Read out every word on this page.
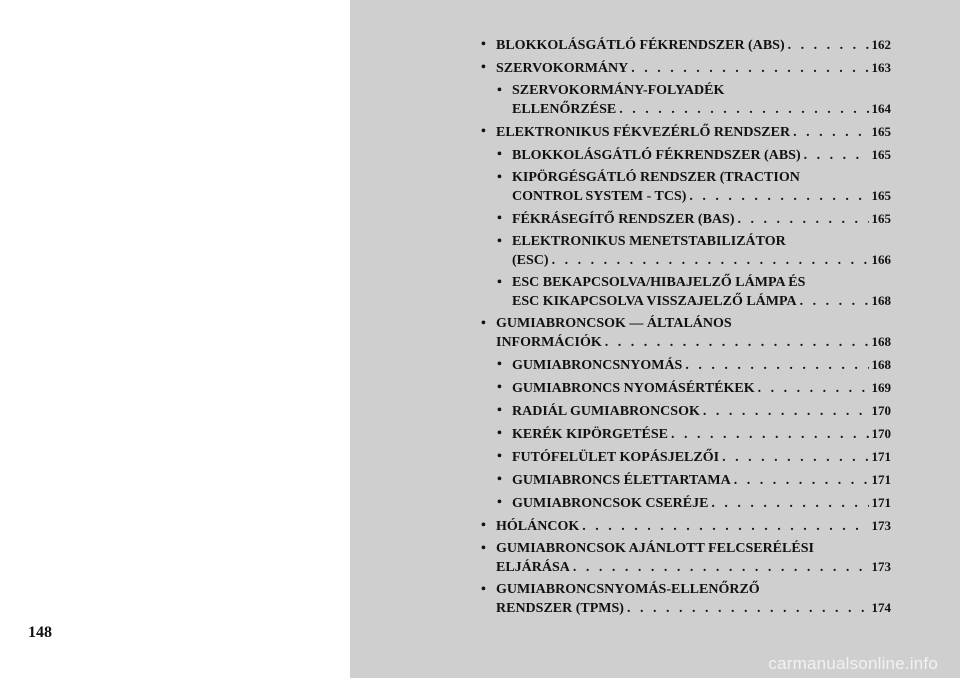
148
• BLOKKOLÁSGÁTLÓ FÉKRENDSZER (ABS) . . .	162
• SZERVOKORMÁNY . . .	163
• SZERVOKORMÁNY-FOLYADÉK
ELLENŐRZÉSE . . .	164
• ELEKTRONIKUS FÉKVEZÉRLŐ RENDSZER . . .	165
• BLOKKOLÁSGÁTLÓ FÉKRENDSZER (ABS) . . .	165
• KIPÖRGÉSGÁTLÓ RENDSZER (TRACTION
CONTROL SYSTEM - TCS) . . .	165
• FÉKRÁSEGÍTŐ RENDSZER (BAS) . . .	165
• ELEKTRONIKUS MENETSTABILIZÁTOR
(ESC) . . .	166
• ESC BEKAPCSOLVA/HIBAJELZŐ LÁMPA ÉS
ESC KIKAPCSOLVA VISSZAJELZŐ LÁMPA . . .	168
• GUMIABRONCSOK — ÁLTALÁNOS
INFORMÁCIÓK . . .	168
• GUMIABRONCSNYOMÁS . . .	168
• GUMIABRONCS NYOMÁSÉRTÉKEK . . .	169
• RADIÁL GUMIABRONCSOK . . .	170
• KERÉK KIPÖRGETÉSE . . .	170
• FUTÓFELÜLET KOPÁSJELZŐI . . .	171
• GUMIABRONCS ÉLETTARTAMA . . .	171
• GUMIABRONCSOK CSERÉJE . . .	171
• HÓLÁNCOK . . .	173
• GUMIABRONCSOK AJÁNLOTT FELCSERÉLÉSI
ELJÁRÁSA . . .	173
• GUMIABRONCSNYOMÁS-ELLENŐRZŐ
RENDSZER (TPMS) . . .	174
carmanualsonline.info
